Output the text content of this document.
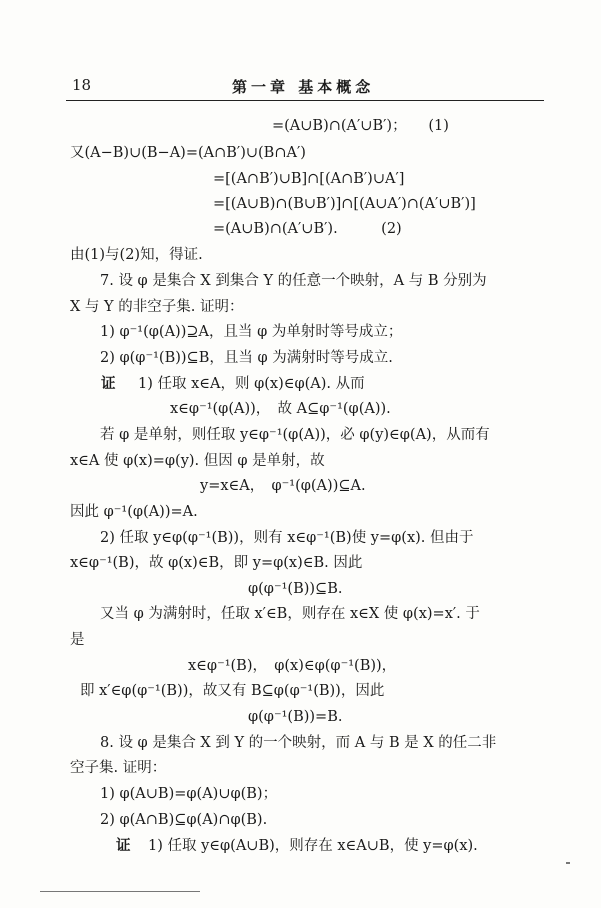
18	第一章 基本概念
=(A∪B)∩(A′∪B′)；　　(1)
又(A−B)∪(B−A)=(A∩B′)∪(B∩A′)
=[(A∩B′)∪B]∩[(A∩B′)∪A′]
=[(A∪B)∩(B∪B′)]∩[(A∪A′)∩(A′∪B′)]
=(A∪B)∩(A′∪B′).　　　(2)
由(1)与(2)知，得证.
7. 设 φ 是集合 X 到集合 Y 的任意一个映射，A 与 B 分别为
X 与 Y 的非空子集. 证明：
1) φ⁻¹(φ(A))⊇A，且当 φ 为单射时等号成立；
2) φ(φ⁻¹(B))⊆B，且当 φ 为满射时等号成立.
证 1) 任取 x∈A，则 φ(x)∈φ(A). 从而
x∈φ⁻¹(φ(A))，　故 A⊆φ⁻¹(φ(A)).
若 φ 是单射，则任取 y∈φ⁻¹(φ(A))，必 φ(y)∈φ(A)，从而有
x∈A 使 φ(x)=φ(y). 但因 φ 是单射，故
y=x∈A，　φ⁻¹(φ(A))⊆A.
因此 φ⁻¹(φ(A))=A.
2) 任取 y∈φ(φ⁻¹(B))，则有 x∈φ⁻¹(B)使 y=φ(x). 但由于
x∈φ⁻¹(B)，故 φ(x)∈B，即 y=φ(x)∈B. 因此
φ(φ⁻¹(B))⊆B.
又当 φ 为满射时，任取 x′∈B，则存在 x∈X 使 φ(x)=x′. 于
是
x∈φ⁻¹(B)，　φ(x)∈φ(φ⁻¹(B))，
即 x′∈φ(φ⁻¹(B))，故又有 B⊆φ(φ⁻¹(B))，因此
φ(φ⁻¹(B))=B.
8. 设 φ 是集合 X 到 Y 的一个映射，而 A 与 B 是 X 的任二非
空子集. 证明：
1) φ(A∪B)=φ(A)∪φ(B)；
2) φ(A∩B)⊆φ(A)∩φ(B).
证 1) 任取 y∈φ(A∪B)，则存在 x∈A∪B，使 y=φ(x).
